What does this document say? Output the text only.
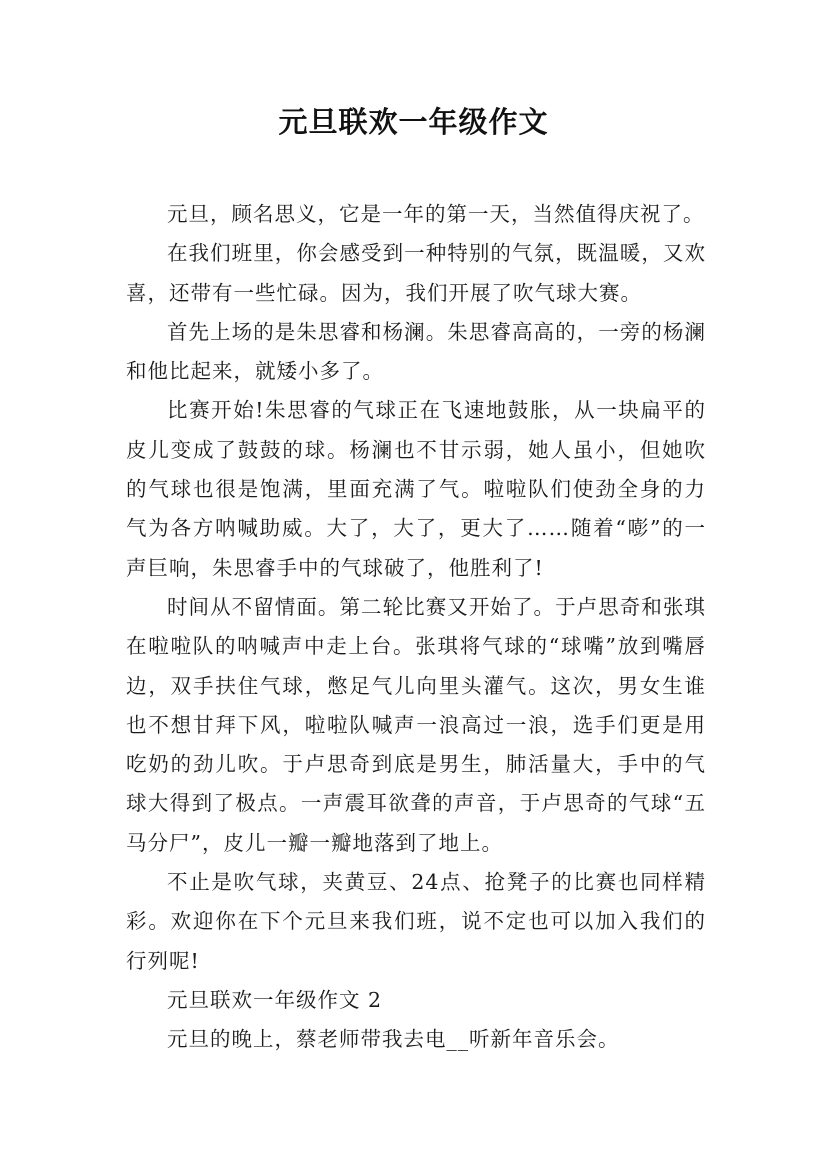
元旦联欢一年级作文

元旦，顾名思义，它是一年的第一天，当然值得庆祝了。

在我们班里，你会感受到一种特别的气氛，既温暖，又欢喜，还带有一些忙碌。因为，我们开展了吹气球大赛。

首先上场的是朱思睿和杨澜。朱思睿高高的，一旁的杨澜和他比起来，就矮小多了。

比赛开始!朱思睿的气球正在飞速地鼓胀，从一块扁平的皮儿变成了鼓鼓的球。杨澜也不甘示弱，她人虽小，但她吹的气球也很是饱满，里面充满了气。啦啦队们使劲全身的力气为各方呐喊助威。大了，大了，更大了……随着“嘭”的一声巨响，朱思睿手中的气球破了，他胜利了!

时间从不留情面。第二轮比赛又开始了。于卢思奇和张琪在啦啦队的呐喊声中走上台。张琪将气球的“球嘴”放到嘴唇边，双手扶住气球，憋足气儿向里头灌气。这次，男女生谁也不想甘拜下风，啦啦队喊声一浪高过一浪，选手们更是用吃奶的劲儿吹。于卢思奇到底是男生，肺活量大，手中的气球大得到了极点。一声震耳欲聋的声音，于卢思奇的气球“五马分尸”，皮儿一瓣一瓣地落到了地上。

不止是吹气球，夹黄豆、24点、抢凳子的比赛也同样精彩。欢迎你在下个元旦来我们班，说不定也可以加入我们的行列呢!

元旦联欢一年级作文 2

元旦的晚上，蔡老师带我去电__听新年音乐会。
